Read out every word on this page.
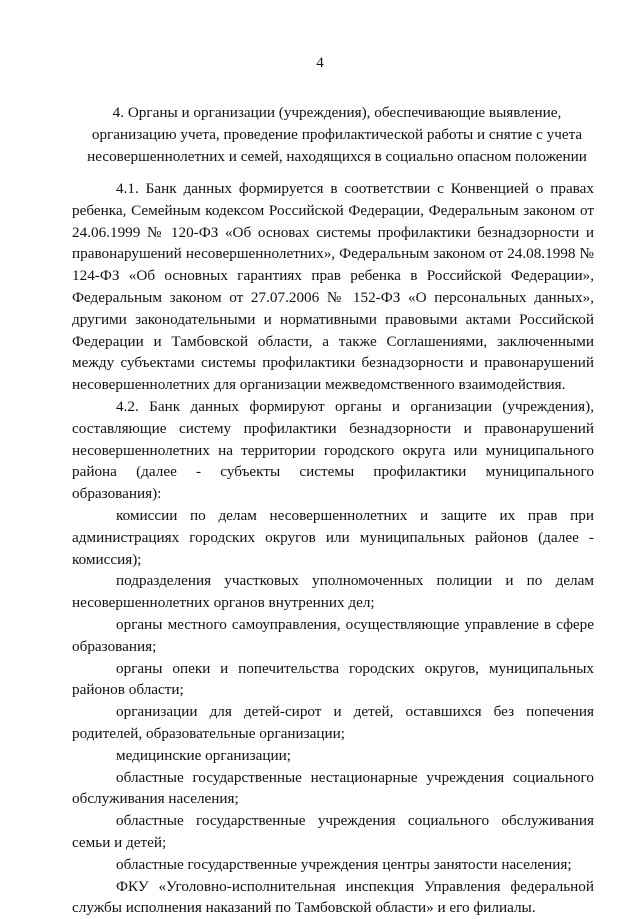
4
4. Органы и организации (учреждения), обеспечивающие выявление,
организацию учета, проведение профилактической работы и снятие с учета
несовершеннолетних и семей, находящихся в социально опасном положении

4.1. Банк данных формируется в соответствии с Конвенцией о правах ребенка, Семейным кодексом Российской Федерации, Федеральным законом от 24.06.1999 № 120-ФЗ «Об основах системы профилактики безнадзорности и правонарушений несовершеннолетних», Федеральным законом от 24.08.1998 № 124-ФЗ «Об основных гарантиях прав ребенка в Российской Федерации», Федеральным законом от 27.07.2006 № 152-ФЗ «О персональных данных», другими законодательными и нормативными правовыми актами Российской Федерации и Тамбовской области, а также Соглашениями, заключенными между субъектами системы профилактики безнадзорности и правонарушений несовершеннолетних для организации межведомственного взаимодействия.

4.2. Банк данных формируют органы и организации (учреждения), составляющие систему профилактики безнадзорности и правонарушений несовершеннолетних на территории городского округа или муниципального района (далее - субъекты системы профилактики муниципального образования):

комиссии по делам несовершеннолетних и защите их прав при администрациях городских округов или муниципальных районов (далее - комиссия);

подразделения участковых уполномоченных полиции и по делам несовершеннолетних органов внутренних дел;

органы местного самоуправления, осуществляющие управление в сфере образования;

органы опеки и попечительства городских округов, муниципальных районов области;

организации для детей-сирот и детей, оставшихся без попечения родителей, образовательные организации;

медицинские организации;

областные государственные нестационарные учреждения социального обслуживания населения;

областные государственные учреждения социального обслуживания семьи и детей;

областные государственные учреждения центры занятости населения;

ФКУ «Уголовно-исполнительная инспекция Управления федеральной службы исполнения наказаний по Тамбовской области» и его филиалы.
